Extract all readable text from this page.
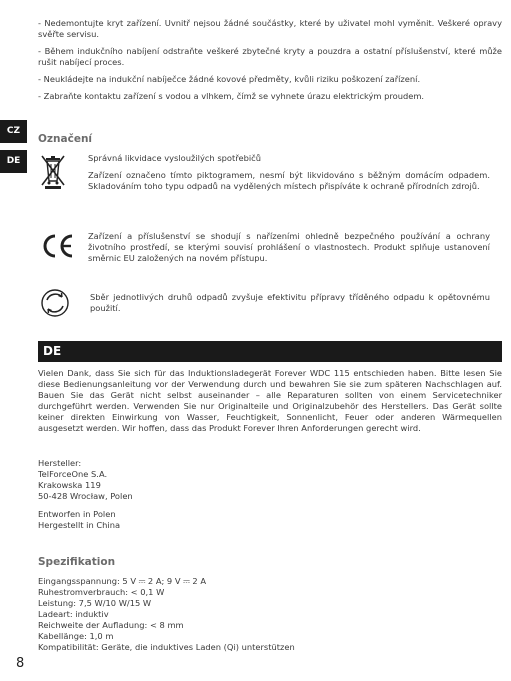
- Nedemontujte kryt zařízení. Uvnitř nejsou žádné součástky, které by uživatel mohl vyměnit. Veškeré opravy svěřte servisu.

- Během indukčního nabíjení odstraňte veškeré zbytečné kryty a pouzdra a ostatní příslušenství, které může rušit nabíjecí proces.

- Neukládejte na indukční nabíječce žádné kovové předměty, kvůli riziku poškození zařízení.

- Zabraňte kontaktu zařízení s vodou a vlhkem, čímž se vyhnete úrazu elektrickým proudem.

CZ
DE
Označení
Správná likvidace vysloužilých spotřebičů

Zařízení označeno tímto piktogramem, nesmí být likvidováno s běžným domácím odpadem. Skladováním toho typu odpadů na vydělených místech přispíváte k ochraně přírodních zdrojů.

Zařízení a příslušenství se shodují s nařízeními ohledně bezpečného používání a ochrany životního prostředí, se kterými souvisí prohlášení o vlastnostech. Produkt splňuje ustanovení směrnic EU založených na novém přístupu.

Sběr jednotlivých druhů odpadů zvyšuje efektivitu přípravy tříděného odpadu k opětovnému použití.

DE

Vielen Dank, dass Sie sich für das Induktionsladegerät Forever WDC 115 entschieden haben. Bitte lesen Sie diese Bedienungsanleitung vor der Verwendung durch und bewahren Sie sie zum späteren Nachschlagen auf. Bauen Sie das Gerät nicht selbst auseinander – alle Reparaturen sollten von einem Servicetechniker durchgeführt werden. Verwenden Sie nur Originalteile und Originalzubehör des Herstellers. Das Gerät sollte keiner direkten Einwirkung von Wasser, Feuchtigkeit, Sonnenlicht, Feuer oder anderen Wärmequellen ausgesetzt werden. Wir hoffen, dass das Produkt Forever Ihren Anforderungen gerecht wird.

Hersteller:
TelForceOne S.A.
Krakowska 119
50-428 Wrocław, Polen
Entworfen in Polen
Hergestellt in China
Spezifikation
Eingangsspannung: 5 V ⎓ 2 A; 9 V ⎓ 2 A
Ruhestromverbrauch: < 0,1 W
Leistung: 7,5 W/10 W/15 W
Ladeart: induktiv
Reichweite der Aufladung: < 8 mm
Kabellänge: 1,0 m
Kompatibilität: Geräte, die induktives Laden (Qi) unterstützen
8
